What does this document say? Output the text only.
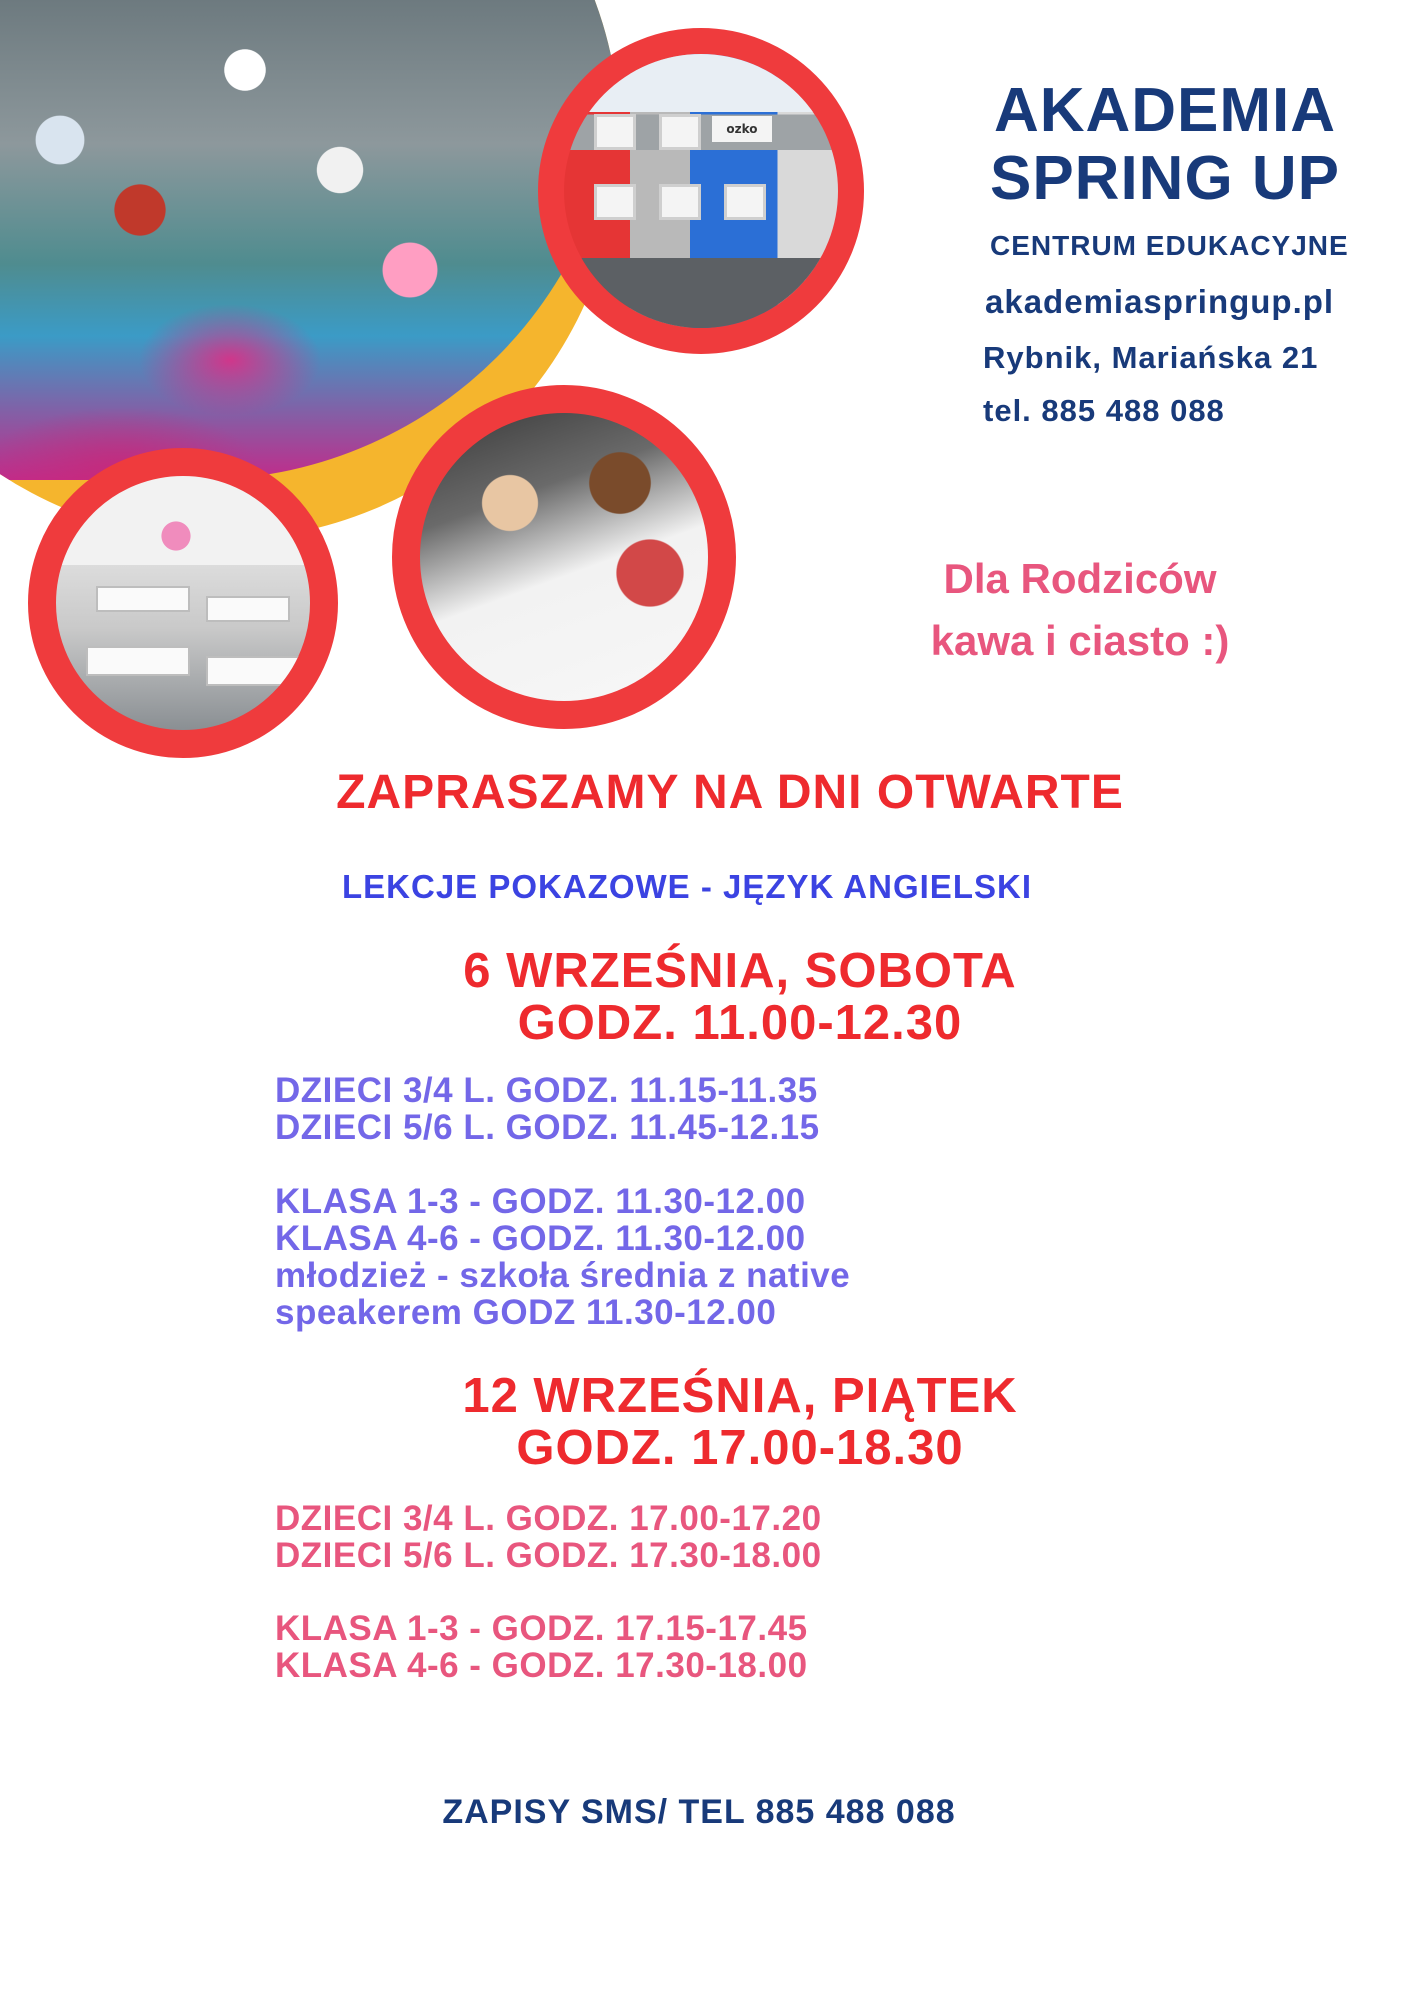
ozko	AKADEMIA
SPRING UP
CENTRUM EDUKACYJNE
akademiaspringup.pl
Rybnik, Mariańska 21
tel. 885 488 088
Dla Rodziców
kawa i ciasto :)
ZAPRASZAMY NA DNI OTWARTE
LEKCJE POKAZOWE - JĘZYK ANGIELSKI
6 WRZEŚNIA, SOBOTA
GODZ. 11.00-12.30
DZIECI 3/4 L. GODZ. 11.15-11.35
DZIECI 5/6 L. GODZ. 11.45-12.15
KLASA 1-3 - GODZ. 11.30-12.00
KLASA 4-6 - GODZ. 11.30-12.00
młodzież - szkoła średnia z native
speakerem GODZ 11.30-12.00
12 WRZEŚNIA, PIĄTEK
GODZ. 17.00-18.30
DZIECI 3/4 L. GODZ. 17.00-17.20
DZIECI 5/6 L. GODZ. 17.30-18.00
KLASA 1-3 - GODZ. 17.15-17.45
KLASA 4-6 - GODZ. 17.30-18.00
ZAPISY SMS/ TEL 885 488 088
